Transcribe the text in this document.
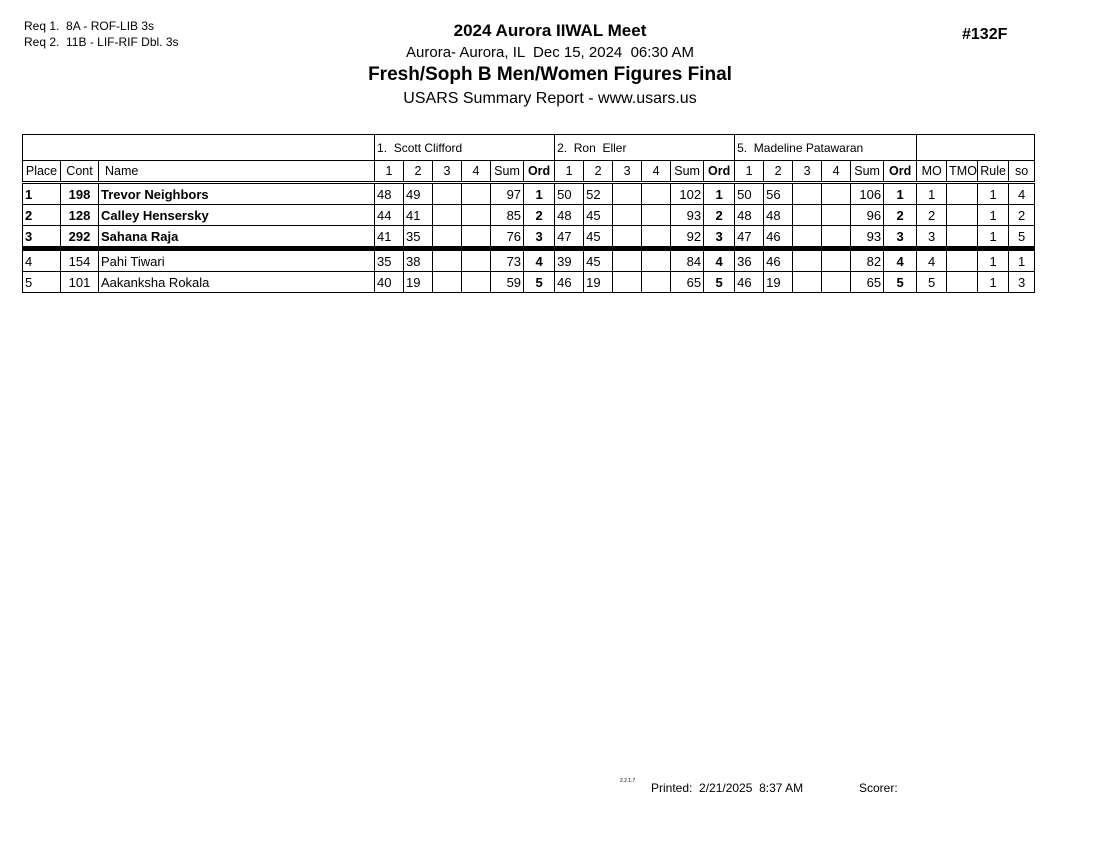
Req 1.  8A - ROF-LIB 3s
Req 2.  11B - LIF-RIF Dbl. 3s
2024 Aurora IIWAL Meet
Aurora- Aurora, IL  Dec 15, 2024  06:30 AM
Fresh/Soph B Men/Women Figures Final
USARS Summary Report - www.usars.us
#132F
			1.  Scott Clifford						2.  Ron  Eller						5.  Madeline Patawaran									
Place	Cont	Name	1	2	3	4	Sum	Ord	1	2	3	4	Sum	Ord	1	2	3	4	Sum	Ord	MO	TMO	Rule	so
1	198	Trevor Neighbors	48	49			97	1	50	52			102	1	50	56			106	1	1		1	4
2	128	Calley Hensersky	44	41			85	2	48	45			93	2	48	48			96	2	2		1	2
3	292	Sahana Raja	41	35			76	3	47	45			92	3	47	46			93	3	3		1	5
4	154	Pahi Tiwari	35	38			73	4	39	45			84	4	36	46			82	4	4		1	1
5	101	Aakanksha Rokala	40	19			59	5	46	19			65	5	46	19			65	5	5		1	3
2.2.1.7 Printed:  2/21/2025  8:37 AM	Scorer:
